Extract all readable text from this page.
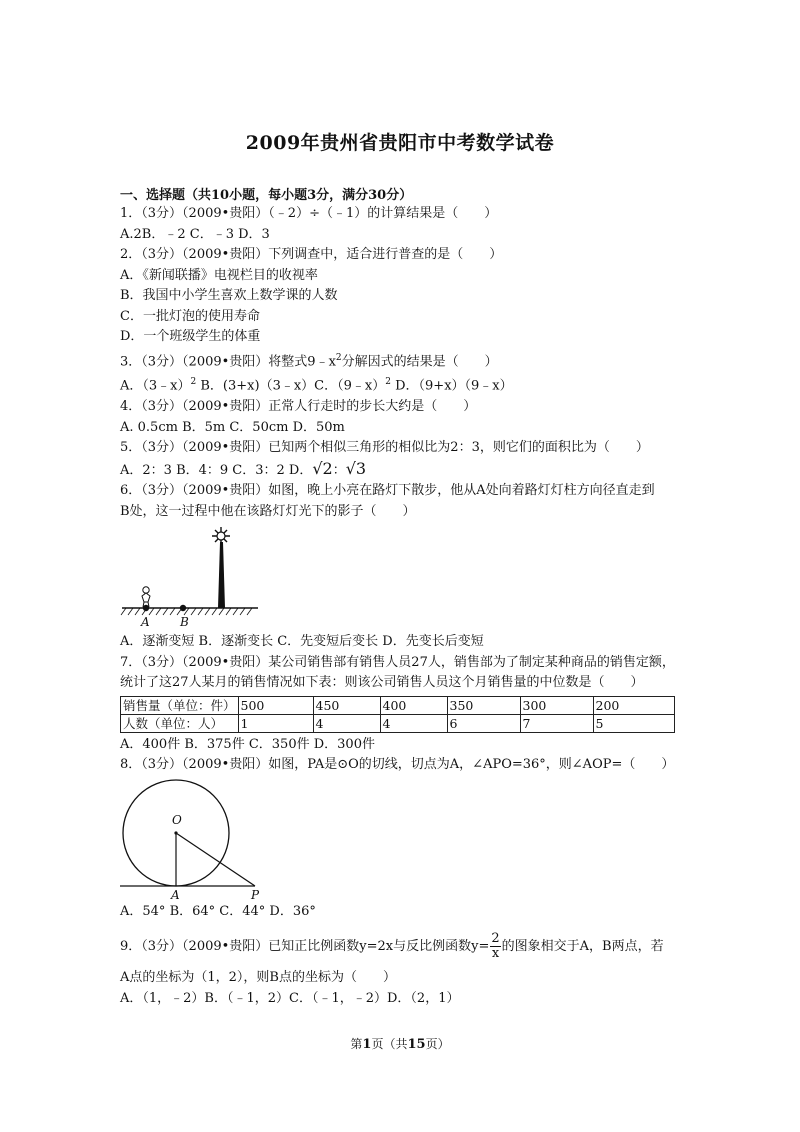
2009年贵州省贵阳市中考数学试卷
一、选择题（共10小题，每小题3分，满分30分）
1．（3分）（2009•贵阳）（﹣2）÷（﹣1）的计算结果是（　　）
A.2B．﹣2 C．﹣3 D．3
2．（3分）（2009•贵阳）下列调查中，适合进行普查的是（　　）
A．《新闻联播》电视栏目的收视率
B．我国中小学生喜欢上数学课的人数
C．一批灯泡的使用寿命
D．一个班级学生的体重
3．（3分）（2009•贵阳）将整式$9﹣x^2$分解因式的结果是（　　）
A．（3﹣x）$^2$ B．(3+x)（3﹣x）C．（9﹣x）$^2$ D．（9+x）（9﹣x）
4．（3分）（2009•贵阳）正常人行走时的步长大约是（　　）
A. 0.5cm B．5m C．50cm D．50m
5．（3分）（2009•贵阳）已知两个相似三角形的相似比为2：3，则它们的面积比为（　　）
A．2：3 B．4：9 C．3：2 D．√2：√3
6．（3分）（2009•贵阳）如图，晚上小亮在路灯下散步，他从A处向着路灯灯柱方向径直走到
B处，这一过程中他在该路灯灯光下的影子（　　）
A	B
A．逐渐变短 B．逐渐变长 C．先变短后变长 D．先变长后变短
7．（3分）（2009•贵阳）某公司销售部有销售人员27人，销售部为了制定某种商品的销售定额，
统计了这27人某月的销售情况如下表：则该公司销售人员这个月销售量的中位数是（　　）
销售量（单位：件）	500	450	400	350	300	200
人数（单位：人）	1	4	4	6	7	5
A．400件 B．375件 C．350件 D．300件
8．（3分）（2009•贵阳）如图，PA是⊙O的切线，切点为A，∠APO=36°，则∠AOP=（　　）
O
A	P
A．54° B．64° C．44° D．36°
9．（3分）（2009•贵阳）已知正比例函数y=2x与反比例函数$y= \frac{2}{x}$ 的图象相交于A，B两点，若
A点的坐标为（1，2），则B点的坐标为（　　）
A．（1，﹣2）B．（﹣1，2）C．（﹣1，﹣2）D．（2，1）
第1页（共15页）
